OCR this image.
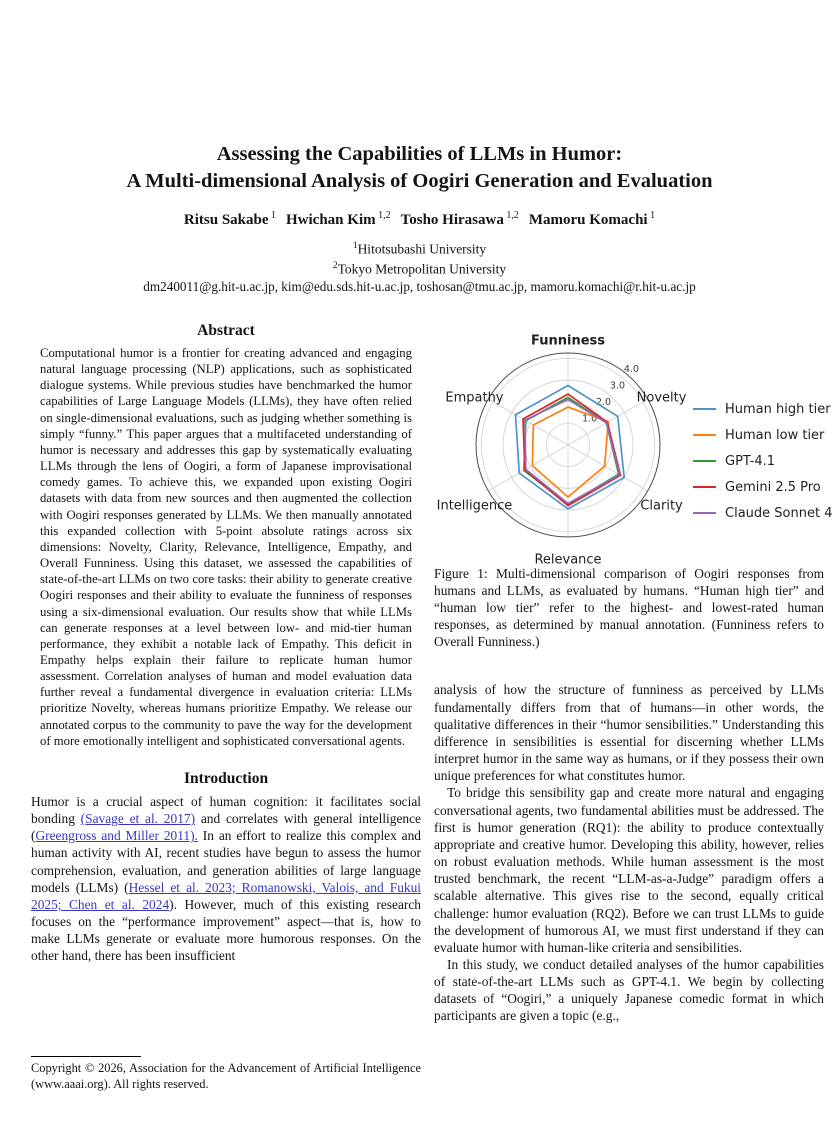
Assessing the Capabilities of LLMs in Humor:
A Multi-dimensional Analysis of Oogiri Generation and Evaluation
Ritsu Sakabe $^1$ Hwichan Kim $^{1,2}$ Tosho Hirasawa $^{1,2}$ Mamoru Komachi $^1$
$^1$Hitotsubashi University
$^2$Tokyo Metropolitan University
dm240011@g.hit-u.ac.jp, kim@edu.sds.hit-u.ac.jp, toshosan@tmu.ac.jp, mamoru.komachi@r.hit-u.ac.jp
Abstract
Computational humor is a frontier for creating advanced and engaging natural language processing (NLP) applications, such as sophisticated dialogue systems. While previous studies have benchmarked the humor capabilities of Large Language Models (LLMs), they have often relied on single-dimensional evaluations, such as judging whether something is simply “funny.” This paper argues that a multifaceted understanding of humor is necessary and addresses this gap by systematically evaluating LLMs through the lens of Oogiri, a form of Japanese improvisational comedy games. To achieve this, we expanded upon existing Oogiri datasets with data from new sources and then augmented the collection with Oogiri responses generated by LLMs. We then manually annotated this expanded collection with 5-point absolute ratings across six dimensions: Novelty, Clarity, Relevance, Intelligence, Empathy, and Overall Funniness. Using this dataset, we assessed the capabilities of state-of-the-art LLMs on two core tasks: their ability to generate creative Oogiri responses and their ability to evaluate the funniness of responses using a six-dimensional evaluation. Our results show that while LLMs can generate responses at a level between low- and mid-tier human performance, they exhibit a notable lack of Empathy. This deficit in Empathy helps explain their failure to replicate human humor assessment. Correlation analyses of human and model evaluation data further reveal a fundamental divergence in evaluation criteria: LLMs prioritize Novelty, whereas humans prioritize Empathy. We release our annotated corpus to the community to pave the way for the development of more emotionally intelligent and sophisticated conversational agents.
Introduction

Humor is a crucial aspect of human cognition: it facilitates social bonding (Savage et al. 2017) and correlates with general intelligence (Greengross and Miller 2011). In an effort to realize this complex and human activity with AI, recent studies have begun to assess the humor comprehension, evaluation, and generation abilities of large language models (LLMs) (Hessel et al. 2023; Romanowski, Valois, and Fukui 2025; Chen et al. 2024). However, much of this existing research focuses on the “performance improvement” aspect—that is, how to make LLMs generate or evaluate more humorous responses. On the other hand, there has been insufficient

1.0
2.0
3.0
4.0
Funniness
Novelty
Clarity
Relevance
Intelligence
Empathy
Human high tier
Human low tier
GPT-4.1
Gemini 2.5 Pro
Claude Sonnet 4
Figure 1: Multi-dimensional comparison of Oogiri responses from humans and LLMs, as evaluated by humans. “Human high tier” and “human low tier” refer to the highest- and lowest-rated human responses, as determined by manual annotation. (Funniness refers to Overall Funniness.)

analysis of how the structure of funniness as perceived by LLMs fundamentally differs from that of humans—in other words, the qualitative differences in their “humor sensibilities.” Understanding this difference in sensibilities is essential for discerning whether LLMs interpret humor in the same way as humans, or if they possess their own unique preferences for what constitutes humor.

To bridge this sensibility gap and create more natural and engaging conversational agents, two fundamental abilities must be addressed. The first is humor generation (RQ1): the ability to produce contextually appropriate and creative humor. Developing this ability, however, relies on robust evaluation methods. While human assessment is the most trusted benchmark, the recent “LLM-as-a-Judge” paradigm offers a scalable alternative. This gives rise to the second, equally critical challenge: humor evaluation (RQ2). Before we can trust LLMs to guide the development of humorous AI, we must first understand if they can evaluate humor with human-like criteria and sensibilities.

In this study, we conduct detailed analyses of the humor capabilities of state-of-the-art LLMs such as GPT-4.1. We begin by collecting datasets of “Oogiri,” a uniquely Japanese comedic format in which participants are given a topic (e.g.,

Copyright © 2026, Association for the Advancement of Artificial Intelligence (www.aaai.org). All rights reserved.
